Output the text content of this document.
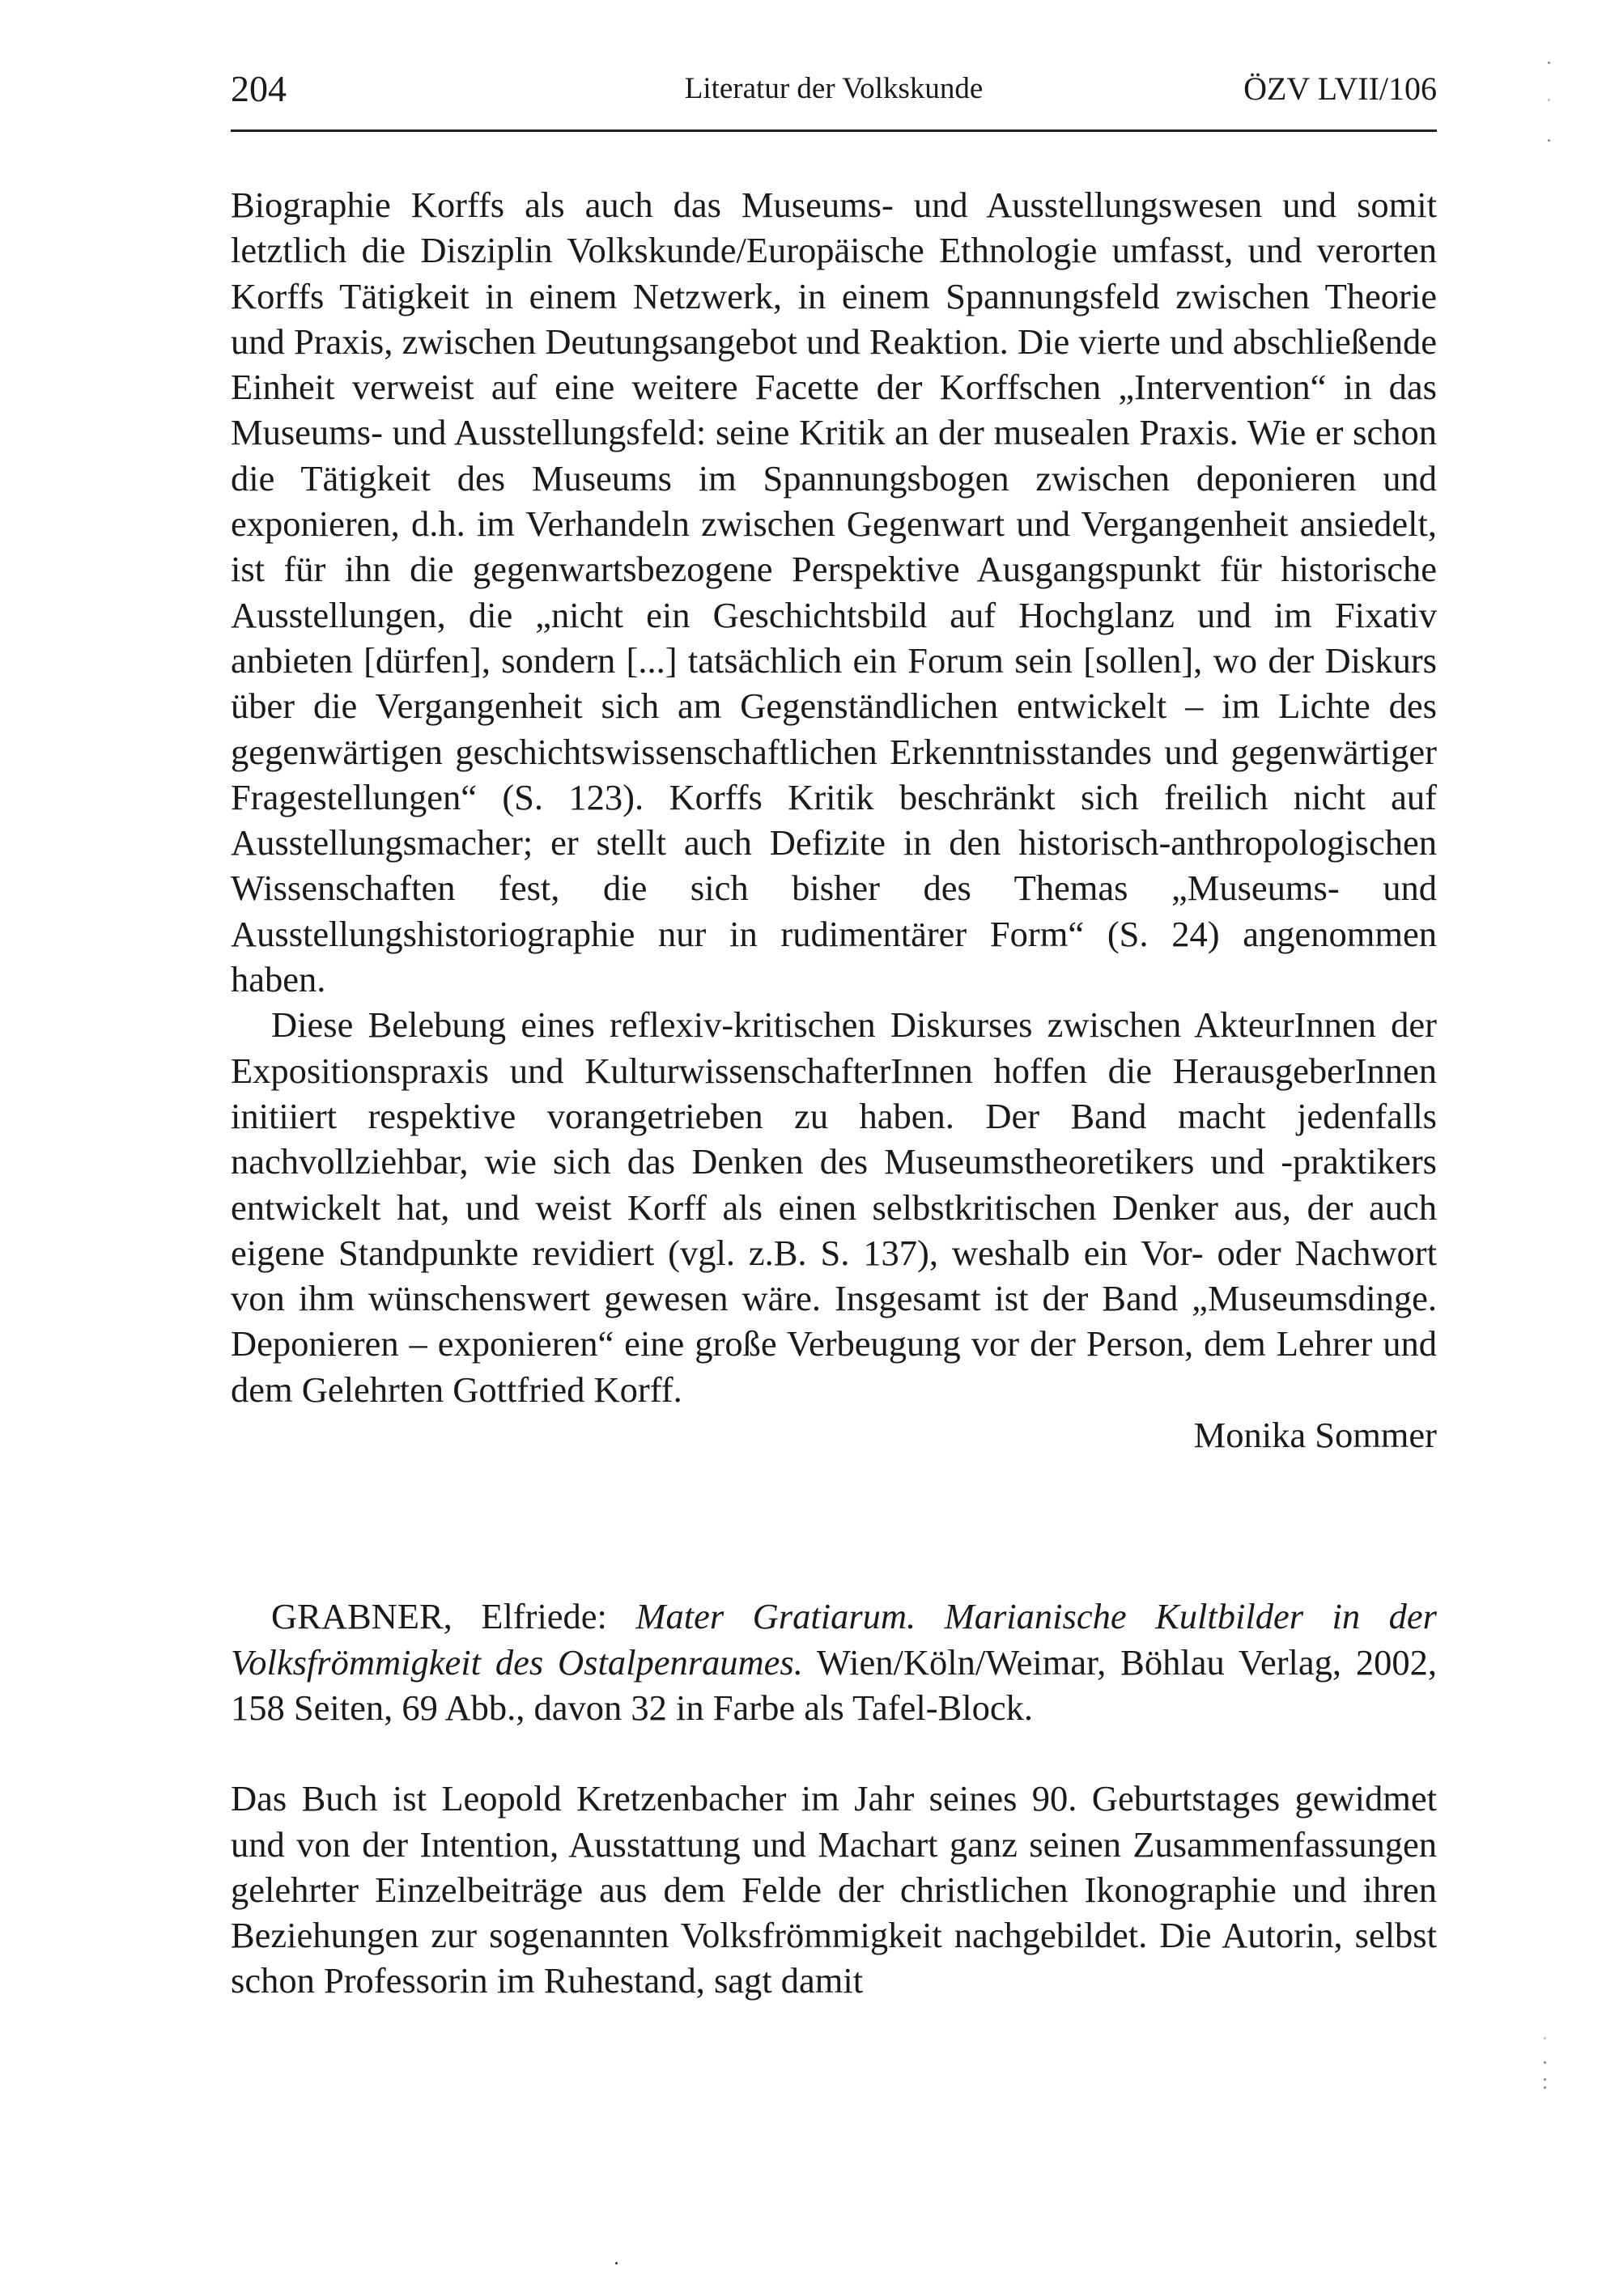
204	Literatur der Volkskunde	ÖZV LVII/106

Biographie Korffs als auch das Museums- und Ausstellungswesen und somit letztlich die Disziplin Volkskunde/Europäische Ethnologie umfasst, und verorten Korffs Tätigkeit in einem Netzwerk, in einem Spannungsfeld zwischen Theorie und Praxis, zwischen Deutungsangebot und Reaktion. Die vierte und abschließende Einheit verweist auf eine weitere Facette der Korffschen „Intervention“ in das Museums- und Ausstellungsfeld: seine Kritik an der musealen Praxis. Wie er schon die Tätigkeit des Museums im Spannungsbogen zwischen deponieren und exponieren, d.h. im Verhandeln zwischen Gegenwart und Vergangenheit ansiedelt, ist für ihn die gegenwartsbezogene Perspektive Ausgangspunkt für historische Ausstellungen, die „nicht ein Geschichtsbild auf Hochglanz und im Fixativ anbieten [dürfen], sondern [...] tatsächlich ein Forum sein [sollen], wo der Diskurs über die Vergangenheit sich am Gegenständlichen entwickelt – im Lichte des gegenwärtigen geschichtswissenschaftlichen Erkenntnisstandes und gegenwärtiger Fragestellungen“ (S. 123). Korffs Kritik beschränkt sich freilich nicht auf Ausstellungsmacher; er stellt auch Defizite in den historisch-anthropologischen Wissenschaften fest, die sich bisher des Themas „Museums- und Ausstellungshistoriographie nur in rudimentärer Form“ (S. 24) angenommen haben.

Diese Belebung eines reflexiv-kritischen Diskurses zwischen AkteurInnen der Expositionspraxis und KulturwissenschafterInnen hoffen die HerausgeberInnen initiiert respektive vorangetrieben zu haben. Der Band macht jedenfalls nachvollziehbar, wie sich das Denken des Museumstheoretikers und -praktikers entwickelt hat, und weist Korff als einen selbstkritischen Denker aus, der auch eigene Standpunkte revidiert (vgl. z.B. S. 137), weshalb ein Vor- oder Nachwort von ihm wünschenswert gewesen wäre. Insgesamt ist der Band „Museumsdinge. Deponieren – exponieren“ eine große Verbeugung vor der Person, dem Lehrer und dem Gelehrten Gottfried Korff.

Monika Sommer

GRABNER, Elfriede: Mater Gratiarum. Marianische Kultbilder in der Volksfrömmigkeit des Ostalpenraumes. Wien/Köln/Weimar, Böhlau Verlag, 2002, 158 Seiten, 69 Abb., davon 32 in Farbe als Tafel-Block.

Das Buch ist Leopold Kretzenbacher im Jahr seines 90. Geburtstages gewidmet und von der Intention, Ausstattung und Machart ganz seinen Zusammenfassungen gelehrter Einzelbeiträge aus dem Felde der christlichen Ikonographie und ihren Beziehungen zur sogenannten Volksfrömmigkeit nachgebildet. Die Autorin, selbst schon Professorin im Ruhestand, sagt damit
